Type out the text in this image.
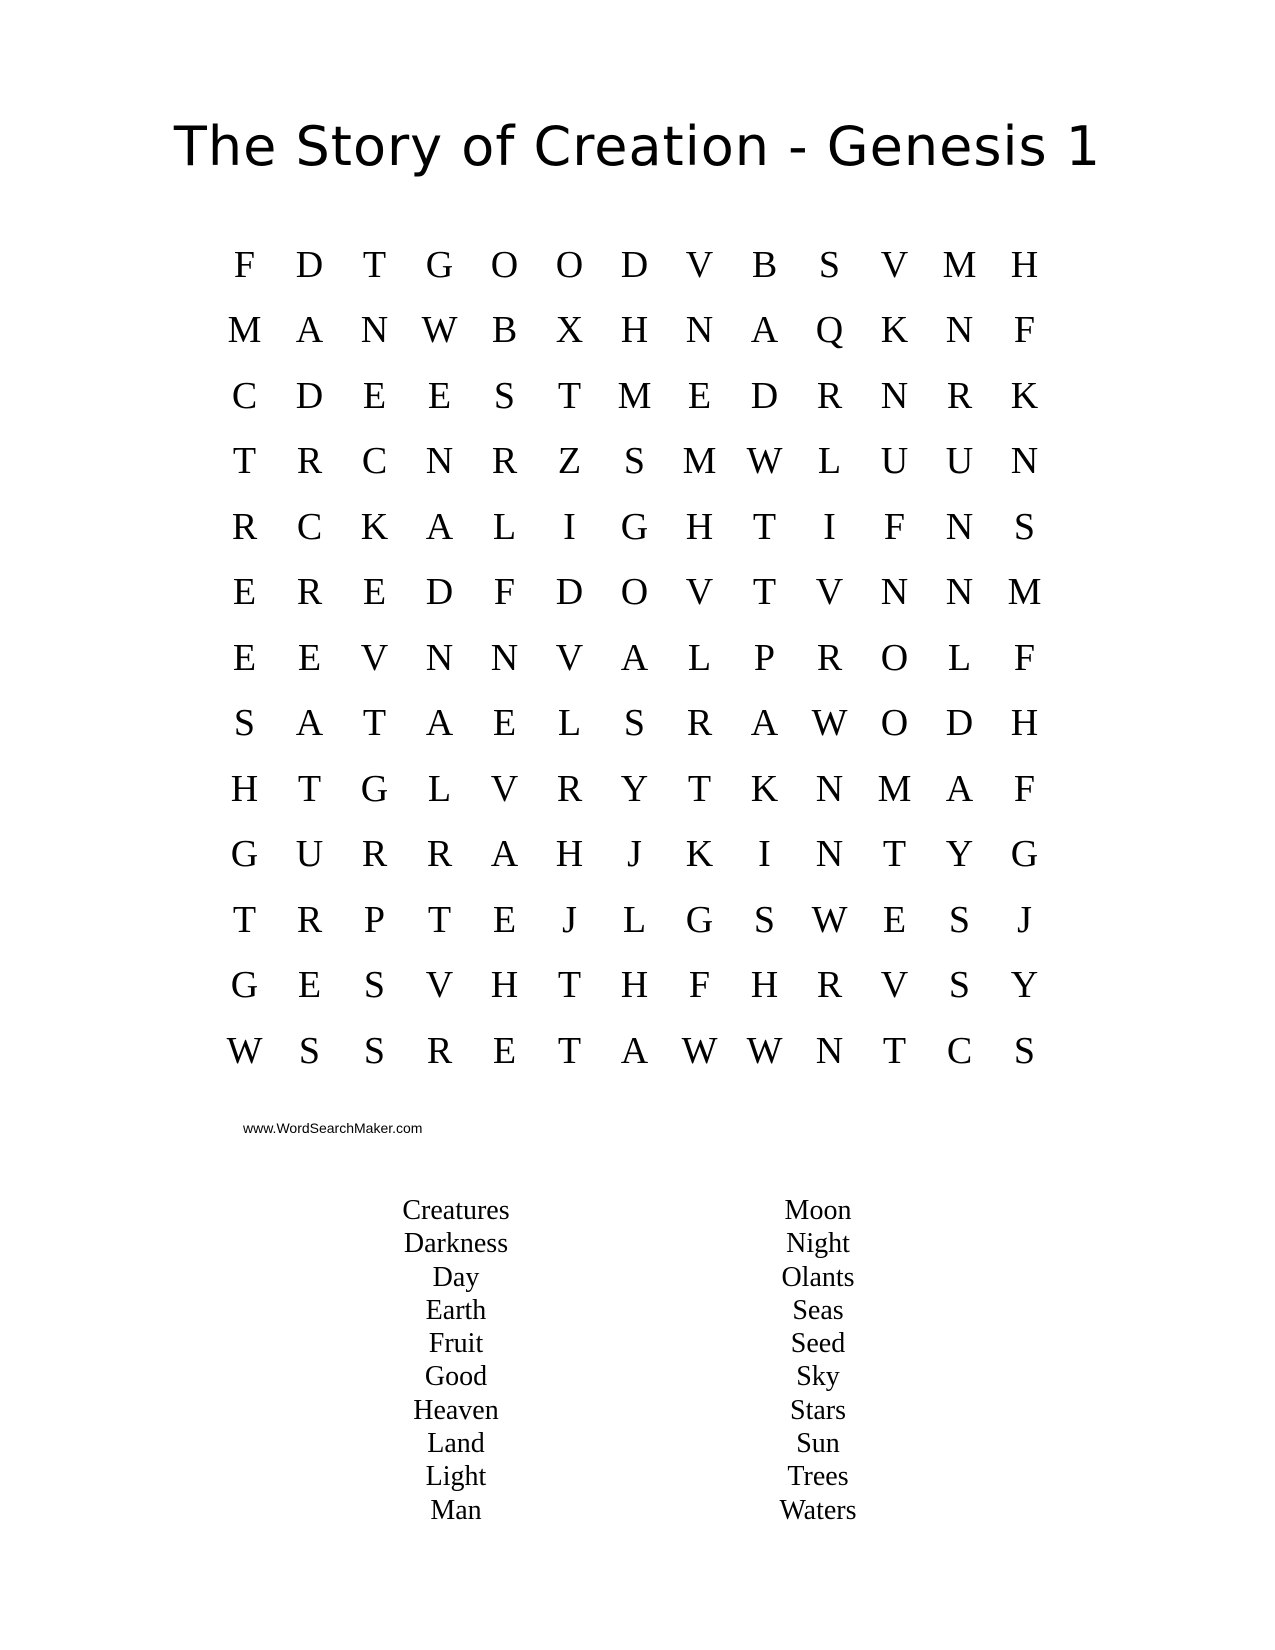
The Story of Creation - Genesis 1
F	D	T	G O O D V	B	S	V M H
M A N W B	X H N A Q K N	F
C	D	E	E	S	T M E	D	R	N	R	K
T	R	C	N	R	Z	S M W L	U U N
R	C	K A	L	I	G H	T	I	F	N	S
E	R	E	D	F	D O V	T	V N N M
E	E	V N N V A	L	P	R	O	L	F
S	A	T	A	E	L	S	R	A W O D H
H	T	G	L	V	R	Y	T	K N M A	F
G U	R	R	A H	J	K	I	N	T	Y G
T	R	P	T	E	J	L	G	S W E	S	J
G	E	S	V H	T	H	F	H	R	V	S	Y
W S	S	R	E	T	A W W N	T	C	S
www.WordSearchMaker.com
Creatures
Darkness
Day
Earth
Fruit
Good
Heaven
Land
Light
Man
Moon
Night
Olants
Seas
Seed
Sky
Stars
Sun
Trees
Waters
